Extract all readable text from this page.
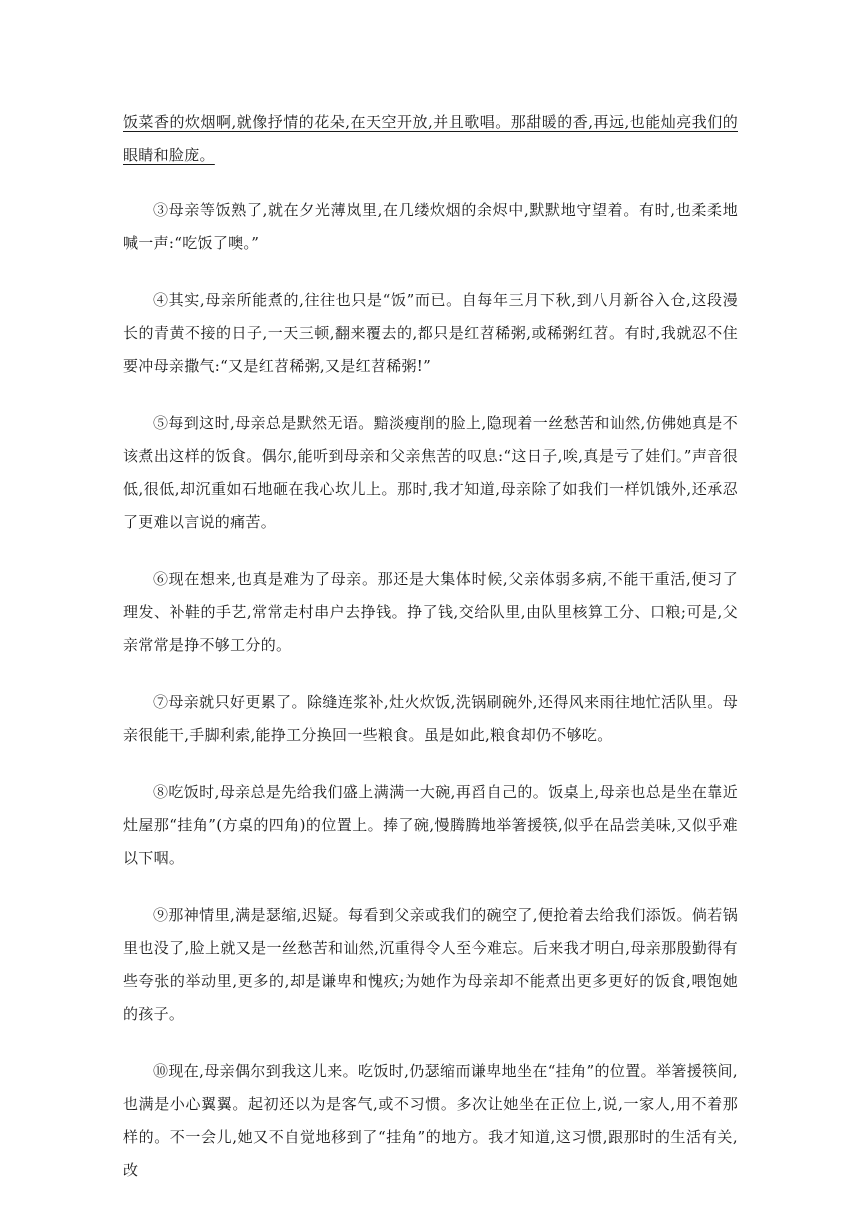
饭菜香的炊烟啊,就像抒情的花朵,在天空开放,并且歌唱。那甜暖的香,再远,也能灿亮我们的眼睛和脸庞。

③母亲等饭熟了,就在夕光薄岚里,在几缕炊烟的余烬中,默默地守望着。有时,也柔柔地喊一声:“吃饭了噢。”

④其实,母亲所能煮的,往往也只是“饭”而已。自每年三月下秋,到八月新谷入仓,这段漫长的青黄不接的日子,一天三顿,翻来覆去的,都只是红苕稀粥,或稀粥红苕。有时,我就忍不住要冲母亲撒气:“又是红苕稀粥,又是红苕稀粥!”

⑤每到这时,母亲总是默然无语。黯淡瘦削的脸上,隐现着一丝愁苦和讪然,仿佛她真是不该煮出这样的饭食。偶尔,能听到母亲和父亲焦苦的叹息:“这日子,唉,真是亏了娃们。”声音很低,很低,却沉重如石地砸在我心坎儿上。那时,我才知道,母亲除了如我们一样饥饿外,还承忍了更难以言说的痛苦。

⑥现在想来,也真是难为了母亲。那还是大集体时候,父亲体弱多病,不能干重活,便习了理发、补鞋的手艺,常常走村串户去挣钱。挣了钱,交给队里,由队里核算工分、口粮;可是,父亲常常是挣不够工分的。

⑦母亲就只好更累了。除缝连浆补,灶火炊饭,洗锅刷碗外,还得风来雨往地忙活队里。母亲很能干,手脚利索,能挣工分换回一些粮食。虽是如此,粮食却仍不够吃。

⑧吃饭时,母亲总是先给我们盛上满满一大碗,再舀自己的。饭桌上,母亲也总是坐在靠近灶屋那“挂角”(方桌的四角)的位置上。捧了碗,慢腾腾地举箸援筷,似乎在品尝美味,又似乎难以下咽。

⑨那神情里,满是瑟缩,迟疑。每看到父亲或我们的碗空了,便抢着去给我们添饭。倘若锅里也没了,脸上就又是一丝愁苦和讪然,沉重得令人至今难忘。后来我才明白,母亲那殷勤得有些夸张的举动里,更多的,却是谦卑和愧疚;为她作为母亲却不能煮出更多更好的饭食,喂饱她的孩子。

⑩现在,母亲偶尔到我这儿来。吃饭时,仍瑟缩而谦卑地坐在“挂角”的位置。举箸援筷间,也满是小心翼翼。起初还以为是客气,或不习惯。多次让她坐在正位上,说,一家人,用不着那样的。不一会儿,她又不自觉地移到了“挂角”的地方。我才知道,这习惯,跟那时的生活有关,改
